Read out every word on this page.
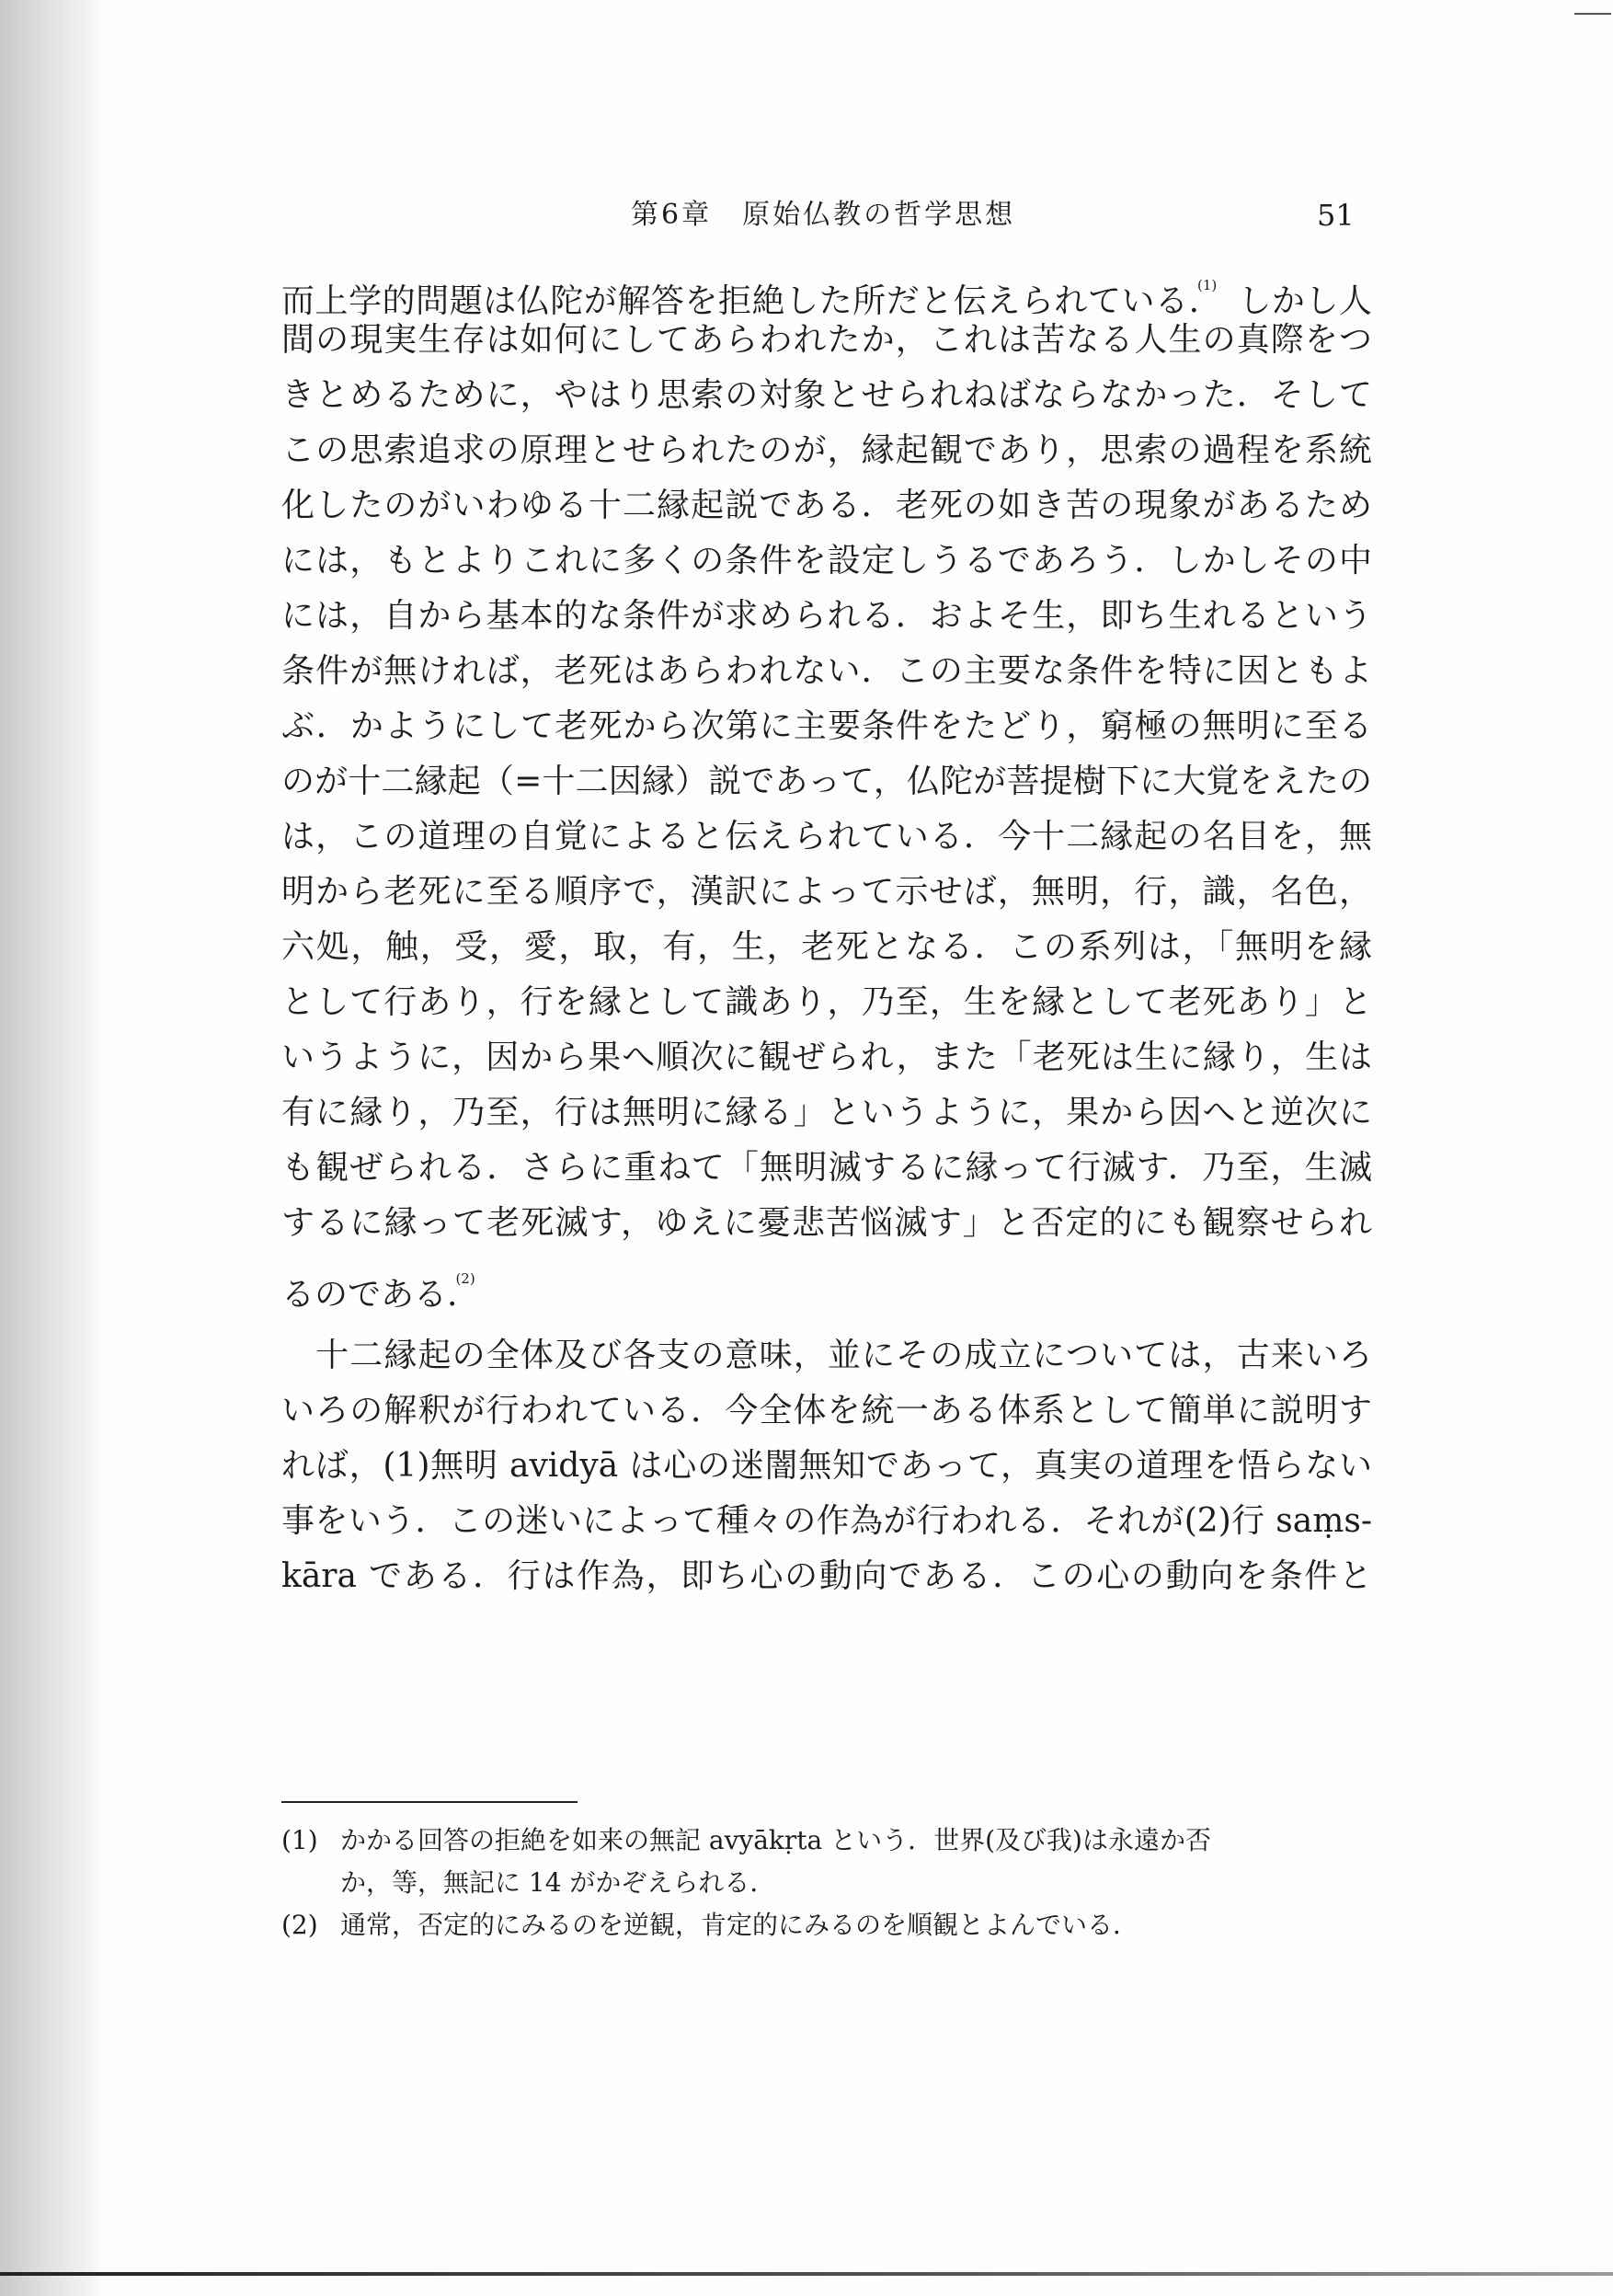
第6章　原始仏教の哲学思想	51
而上学的問題は仏陀が解答を拒絶した所だと伝えられている.$^{(1)}$　 しかし人
間の現実生存は如何にしてあらわれたか，これは苦なる人生の真際をつ
きとめるために，やはり思索の対象とせられねばならなかった．そして
この思索追求の原理とせられたのが，縁起観であり，思索の過程を系統
化したのがいわゆる十二縁起説である．老死の如き苦の現象があるため
には，もとよりこれに多くの条件を設定しうるであろう．しかしその中
には，自から基本的な条件が求められる．およそ生，即ち生れるという
条件が無ければ，老死はあらわれない．この主要な条件を特に因ともよ
ぶ．かようにして老死から次第に主要条件をたどり，窮極の無明に至る
のが十二縁起（=十二因縁）説であって，仏陀が菩提樹下に大覚をえたの
は，この道理の自覚によると伝えられている．今十二縁起の名目を，無
明から老死に至る順序で，漢訳によって示せば，無明，行，識，名色，
六処，触，受，愛，取，有，生，老死となる．この系列は，「無明を縁
として行あり，行を縁として識あり，乃至，生を縁として老死あり」と
いうように，因から果へ順次に観ぜられ，また「老死は生に縁り，生は
有に縁り，乃至，行は無明に縁る」というように，果から因へと逆次に
も観ぜられる．さらに重ねて「無明滅するに縁って行滅す．乃至，生滅
するに縁って老死滅す，ゆえに憂悲苦悩滅す」と否定的にも観察せられ
るのである.$^{(2)}$
　十二縁起の全体及び各支の意味，並にその成立については，古来いろ
いろの解釈が行われている．今全体を統一ある体系として簡単に説明す
れば，(1)無明 avidyā は心の迷闇無知であって，真実の道理を悟らない
事をいう．この迷いによって種々の作為が行われる．それが(2)行 saṃs-
kāra である．行は作為，即ち心の動向である．この心の動向を条件と
(1) かかる回答の拒絶を如来の無記 avyākṛta という．世界(及び我)は永遠か否
か，等，無記に 14 がかぞえられる．
(2) 通常，否定的にみるのを逆観，肯定的にみるのを順観とよんでいる．
